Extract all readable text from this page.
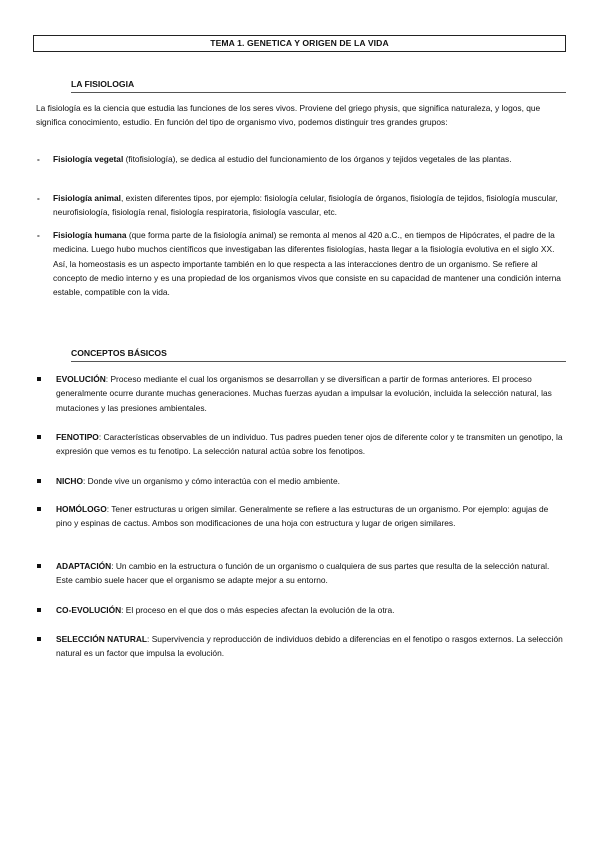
TEMA 1. GENETICA Y ORIGEN DE LA VIDA
LA FISIOLOGIA
La fisiología es la ciencia que estudia las funciones de los seres vivos. Proviene del griego physis, que significa naturaleza, y logos, que significa conocimiento, estudio. En función del tipo de organismo vivo, podemos distinguir tres grandes grupos:
- Fisiología vegetal (fitofisiología), se dedica al estudio del funcionamiento de los órganos y tejidos vegetales de las plantas.
- Fisiología animal, existen diferentes tipos, por ejemplo: fisiología celular, fisiología de órganos, fisiología de tejidos, fisiología muscular, neurofisiología, fisiología renal, fisiología respiratoria, fisiología vascular, etc.
- Fisiología humana (que forma parte de la fisiología animal) se remonta al menos al 420 a.C., en tiempos de Hipócrates, el padre de la medicina. Luego hubo muchos científicos que investigaban las diferentes fisiologías, hasta llegar a la fisiología evolutiva en el siglo XX. Así, la homeostasis es un aspecto importante también en lo que respecta a las interacciones dentro de un organismo. Se refiere al concepto de medio interno y es una propiedad de los organismos vivos que consiste en su capacidad de mantener una condición interna estable, compatible con la vida.
CONCEPTOS BÁSICOS
EVOLUCIÓN: Proceso mediante el cual los organismos se desarrollan y se diversifican a partir de formas anteriores. El proceso generalmente ocurre durante muchas generaciones. Muchas fuerzas ayudan a impulsar la evolución, incluida la selección natural, las mutaciones y las presiones ambientales.
FENOTIPO: Características observables de un individuo. Tus padres pueden tener ojos de diferente color y te transmiten un genotipo, la expresión que vemos es tu fenotipo. La selección natural actúa sobre los fenotipos.
NICHO: Donde vive un organismo y cómo interactúa con el medio ambiente.
HOMÓLOGO: Tener estructuras u origen similar. Generalmente se refiere a las estructuras de un organismo. Por ejemplo: agujas de pino y espinas de cactus. Ambos son modificaciones de una hoja con estructura y lugar de origen similares.
ADAPTACIÓN: Un cambio en la estructura o función de un organismo o cualquiera de sus partes que resulta de la selección natural. Este cambio suele hacer que el organismo se adapte mejor a su entorno.
CO-EVOLUCIÓN: El proceso en el que dos o más especies afectan la evolución de la otra.
SELECCIÓN NATURAL: Supervivencia y reproducción de individuos debido a diferencias en el fenotipo o rasgos externos. La selección natural es un factor que impulsa la evolución.
